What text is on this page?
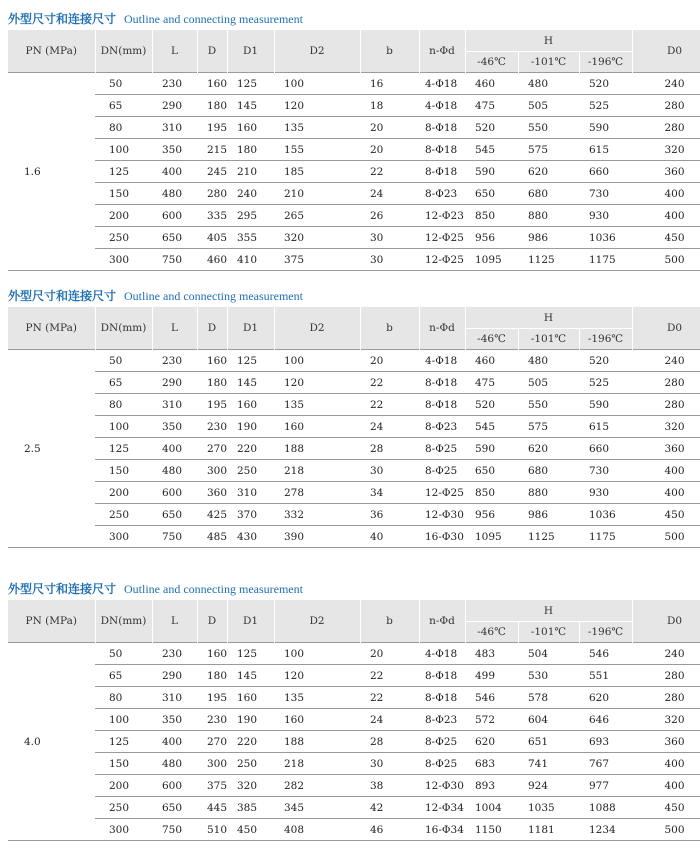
外型尺寸和连接尺寸 Outline and connecting measurement
PN (MPa)	DN(mm)	L	D	D1	D2	b	n-Φd	H			D0
								-46℃	-101℃	-196℃	
1.6	50	230	160	125	100	16	4-Φ18	460	480	520	240
	65	290	180	145	120	18	4-Φ18	475	505	525	280
	80	310	195	160	135	20	8-Φ18	520	550	590	280
	100	350	215	180	155	20	8-Φ18	545	575	615	320
	125	400	245	210	185	22	8-Φ18	590	620	660	360
	150	480	280	240	210	24	8-Φ23	650	680	730	400
	200	600	335	295	265	26	12-Φ23	850	880	930	400
	250	650	405	355	320	30	12-Φ25	956	986	1036	450
	300	750	460	410	375	30	12-Φ25	1095	1125	1175	500
外型尺寸和连接尺寸 Outline and connecting measurement
PN (MPa)	DN(mm)	L	D	D1	D2	b	n-Φd	H			D0
								-46℃	-101℃	-196℃	
2.5	50	230	160	125	100	20	4-Φ18	460	480	520	240
	65	290	180	145	120	22	8-Φ18	475	505	525	280
	80	310	195	160	135	22	8-Φ18	520	550	590	280
	100	350	230	190	160	24	8-Φ23	545	575	615	320
	125	400	270	220	188	28	8-Φ25	590	620	660	360
	150	480	300	250	218	30	8-Φ25	650	680	730	400
	200	600	360	310	278	34	12-Φ25	850	880	930	400
	250	650	425	370	332	36	12-Φ30	956	986	1036	450
	300	750	485	430	390	40	16-Φ30	1095	1125	1175	500
外型尺寸和连接尺寸 Outline and connecting measurement
PN (MPa)	DN(mm)	L	D	D1	D2	b	n-Φd	H			D0
								-46℃	-101℃	-196℃	
4.0	50	230	160	125	100	20	4-Φ18	483	504	546	240
	65	290	180	145	120	22	8-Φ18	499	530	551	280
	80	310	195	160	135	22	8-Φ18	546	578	620	280
	100	350	230	190	160	24	8-Φ23	572	604	646	320
	125	400	270	220	188	28	8-Φ25	620	651	693	360
	150	480	300	250	218	30	8-Φ25	683	741	767	400
	200	600	375	320	282	38	12-Φ30	893	924	977	400
	250	650	445	385	345	42	12-Φ34	1004	1035	1088	450
	300	750	510	450	408	46	16-Φ34	1150	1181	1234	500
